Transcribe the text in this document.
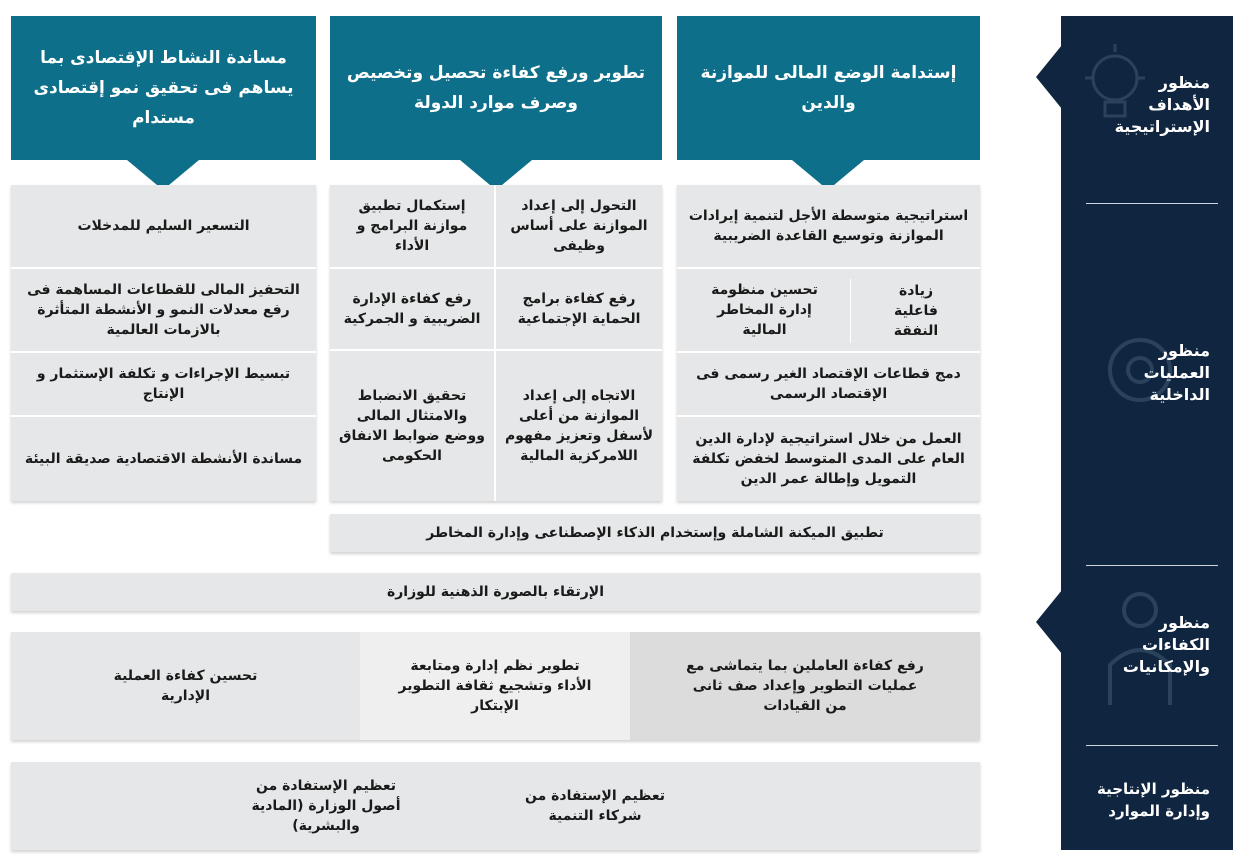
منظور الأهداف الإستراتيجية
منظور العمليات الداخلية
منظور الكفاءات والإمكانيات
منظور الإنتاجية وإدارة الموارد
إستدامة الوضع المالى للموازنة والدين
تطوير ورفع كفاءة تحصيل وتخصيص وصرف موارد الدولة
مساندة النشاط الإقتصادى بما يساهم فى تحقيق نمو إقتصادى مستدام
استراتيجية متوسطة الأجل لتنمية إيرادات الموازنة وتوسيع القاعدة الضريبية
زيادة فاعلية النفقة
تحسين منظومة إدارة المخاطر المالية
دمج قطاعات الإقتصاد الغير رسمى فى الإقتصاد الرسمى
العمل من خلال استراتيجية لإدارة الدين العام على المدى المتوسط لخفض تكلفة التمويل وإطالة عمر الدين
التحول إلى إعداد الموازنة على أساس وظيفى
إستكمال تطبيق موازنة البرامج و الأداء
رفع كفاءة برامج الحماية الإجتماعية
رفع كفاءة الإدارة الضريبية و الجمركية
الاتجاه إلى إعداد الموازنة من أعلى لأسفل وتعزيز مفهوم اللامركزية المالية
تحقيق الانضباط والامتثال المالى ووضع ضوابط الانفاق الحكومى
التسعير السليم للمدخلات
التحفيز المالى للقطاعات المساهمة فى رفع معدلات النمو و الأنشطة المتأثرة بالازمات العالمية
تبسيط الإجراءات و تكلفة الإستثمار و الإنتاج
مساندة الأنشطة الاقتصادية صديقة البيئة
تطبيق الميكنة الشاملة وإستخدام الذكاء الإصطناعى وإدارة المخاطر
الإرتقاء بالصورة الذهنية للوزارة
رفع كفاءة العاملين بما يتماشى مع عمليات التطوير وإعداد صف ثانى من القيادات
تطوير نظم إدارة ومتابعة الأداء وتشجيع ثقافة التطوير الإبتكار
تحسين كفاءة العملية الإدارية
تعظيم الإستفادة من شركاء التنمية
تعظيم الإستفادة من أصول الوزارة (المادية والبشرية)
